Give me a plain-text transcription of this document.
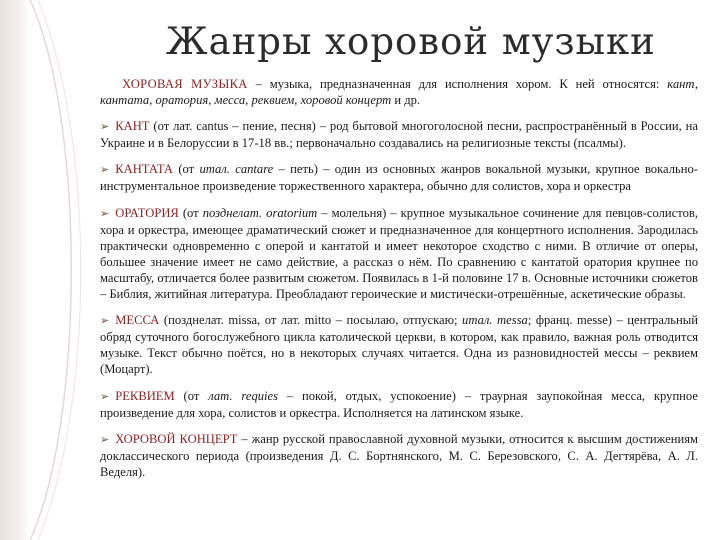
Жанры хоровой музыки

ХОРОВАЯ МУЗЫКА – музыка, предназначенная для исполнения хором. К ней относятся: кант, кантата, оратория, месса, реквием, хоровой концерт и др.

➢ КАНТ (от лат. cantus – пение, песня) – род бытовой многоголосной песни, распространённый в России, на Украине и в Белоруссии в 17-18 вв.; первоначально создавались на религиозные тексты (псалмы).

➢ КАНТАТА (от итал. cantare – петь) – один из основных жанров вокальной музыки, крупное вокально-инструментальное произведение торжественного характера, обычно для солистов, хора и оркестра

➢ ОРАТОРИЯ (от позднелат. oratorium – молельня) – крупное музыкальное сочинение для певцов-солистов, хора и оркестра, имеющее драматический сюжет и предназначенное для концертного исполнения. Зародилась практически одновременно с оперой и кантатой и имеет некоторое сходство с ними. В отличие от оперы, большее значение имеет не само действие, а рассказ о нём. По сравнению с кантатой оратория крупнее по масштабу, отличается более развитым сюжетом. Появилась в 1-й половине 17 в. Основные источники сюжетов – Библия, житийная литература. Преобладают героические и мистически-отрешённые, аскетические образы.

➢ МЕССА (позднелат. missa, от лат. mitto – посылаю, отпускаю; итал. messa; франц. messe) – центральный обряд суточного богослужебного цикла католической церкви, в котором, как правило, важная роль отводится музыке. Текст обычно поётся, но в некоторых случаях читается. Одна из разновидностей мессы – реквием (Моцарт).

➢ РЕКВИЕМ (от лат. requies – покой, отдых, успокоение) – траурная заупокойная месса, крупное произведение для хора, солистов и оркестра. Исполняется на латинском языке.

➢ ХОРОВОЙ КОНЦЕРТ – жанр русской православной духовной музыки, относится к высшим достижениям доклассического периода (произведения Д. С. Бортнянского, М. С. Березовского, С. А. Дегтярёва, А. Л. Веделя).
